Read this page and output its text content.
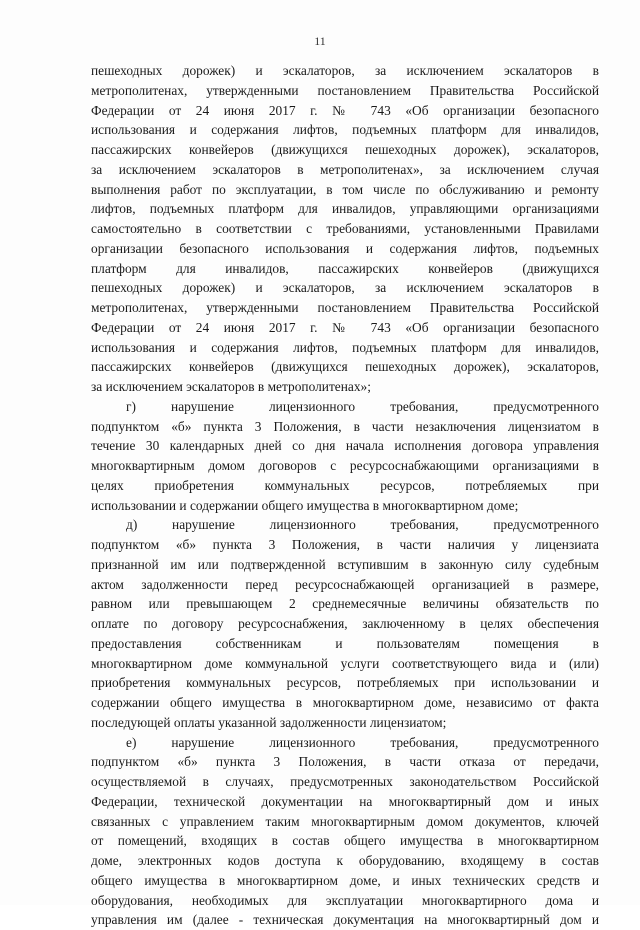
11
пешеходных дорожек) и эскалаторов, за исключением эскалаторов в
метрополитенах, утвержденными постановлением Правительства Российской
Федерации от 24 июня 2017 г. № 743 «Об организации безопасного
использования и содержания лифтов, подъемных платформ для инвалидов,
пассажирских конвейеров (движущихся пешеходных дорожек), эскалаторов,
за исключением эскалаторов в метрополитенах», за исключением случая
выполнения работ по эксплуатации, в том числе по обслуживанию и ремонту
лифтов, подъемных платформ для инвалидов, управляющими организациями
самостоятельно в соответствии с требованиями, установленными Правилами
организации безопасного использования и содержания лифтов, подъемных
платформ для инвалидов, пассажирских конвейеров (движущихся
пешеходных дорожек) и эскалаторов, за исключением эскалаторов в
метрополитенах, утвержденными постановлением Правительства Российской
Федерации от 24 июня 2017 г. № 743 «Об организации безопасного
использования и содержания лифтов, подъемных платформ для инвалидов,
пассажирских конвейеров (движущихся пешеходных дорожек), эскалаторов,
за исключением эскалаторов в метрополитенах»;
г) нарушение лицензионного требования, предусмотренного
подпунктом «б» пункта 3 Положения, в части незаключения лицензиатом в
течение 30 календарных дней со дня начала исполнения договора управления
многоквартирным домом договоров с ресурсоснабжающими организациями в
целях приобретения коммунальных ресурсов, потребляемых при
использовании и содержании общего имущества в многоквартирном доме;
д) нарушение лицензионного требования, предусмотренного
подпунктом «б» пункта 3 Положения, в части наличия у лицензиата
признанной им или подтвержденной вступившим в законную силу судебным
актом задолженности перед ресурсоснабжающей организацией в размере,
равном или превышающем 2 среднемесячные величины обязательств по
оплате по договору ресурсоснабжения, заключенному в целях обеспечения
предоставления собственникам и пользователям помещения в
многоквартирном доме коммунальной услуги соответствующего вида и (или)
приобретения коммунальных ресурсов, потребляемых при использовании и
содержании общего имущества в многоквартирном доме, независимо от факта
последующей оплаты указанной задолженности лицензиатом;
е) нарушение лицензионного требования, предусмотренного
подпунктом «б» пункта 3 Положения, в части отказа от передачи,
осуществляемой в случаях, предусмотренных законодательством Российской
Федерации, технической документации на многоквартирный дом и иных
связанных с управлением таким многоквартирным домом документов, ключей
от помещений, входящих в состав общего имущества в многоквартирном
доме, электронных кодов доступа к оборудованию, входящему в состав
общего имущества в многоквартирном доме, и иных технических средств и
оборудования, необходимых для эксплуатации многоквартирного дома и
управления им (далее - техническая документация на многоквартирный дом и
